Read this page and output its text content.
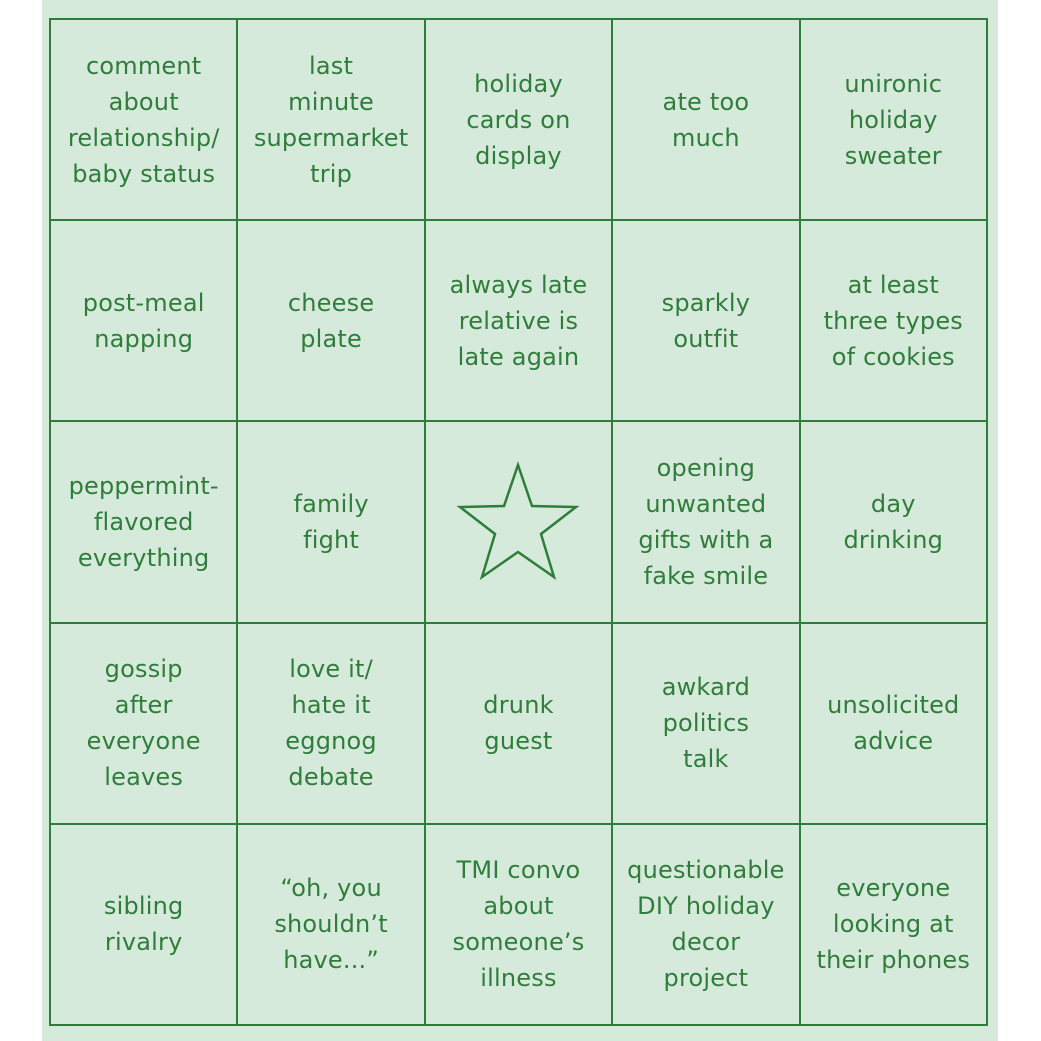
comment
about
relationship/
baby status
last
minute
supermarket
trip
holiday
cards on
display
ate too
much
unironic
holiday
sweater
post-meal
napping
cheese
plate
always late
relative is
late again
sparkly
outfit
at least
three types
of cookies
peppermint-
flavored
everything
family
fight
opening
unwanted
gifts with a
fake smile
day
drinking
gossip
after
everyone
leaves
love it/
hate it
eggnog
debate
drunk
guest
awkard
politics
talk
unsolicited
advice
sibling
rivalry
“oh, you
shouldn’t
have...”
TMI convo
about
someone’s
illness
questionable
DIY holiday
decor
project
everyone
looking at
their phones
